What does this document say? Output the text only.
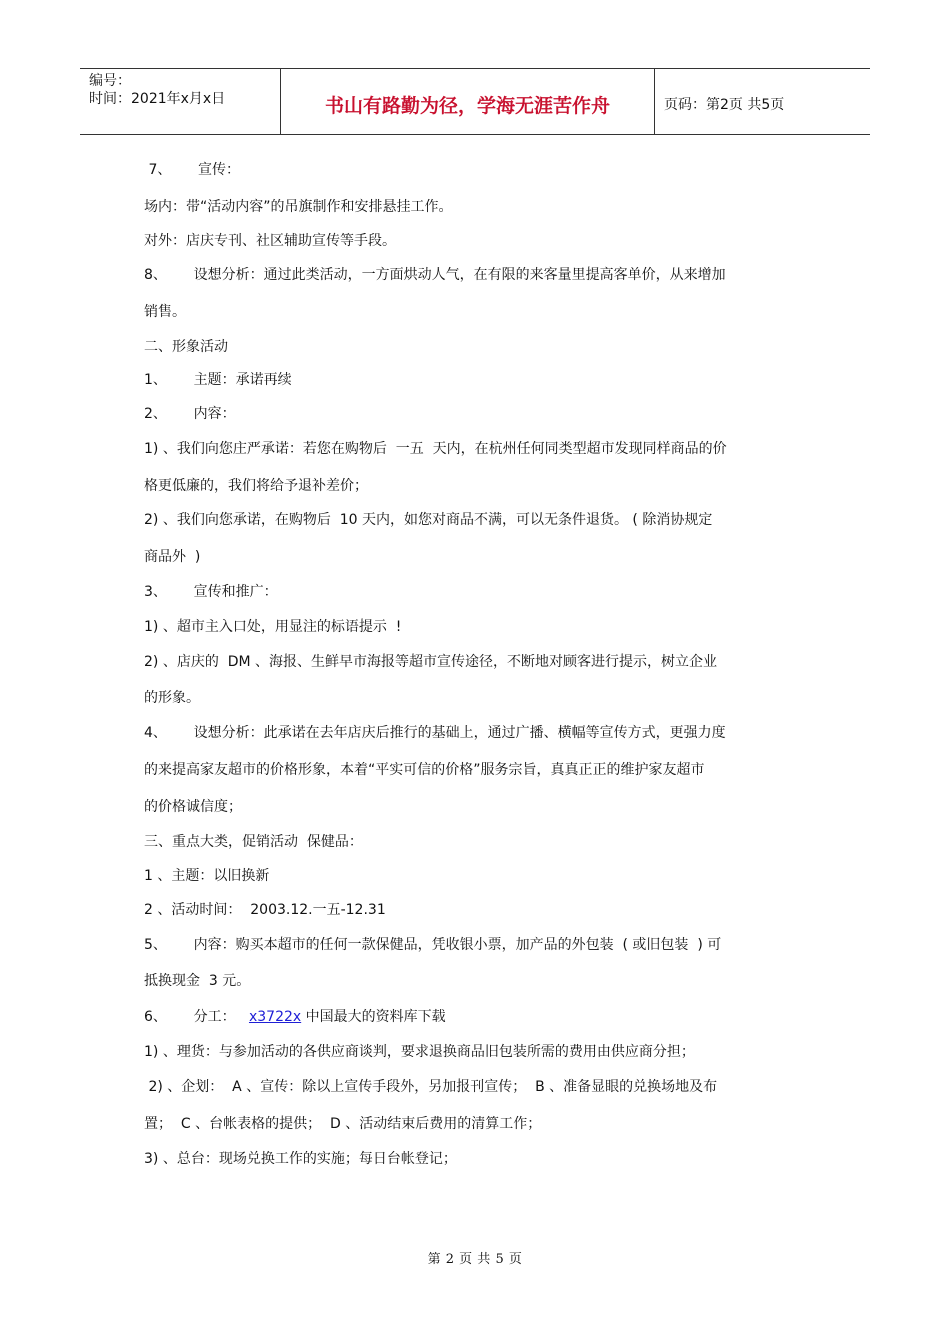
编号：
时间：2021年x月x日	书山有路勤为径，学海无涯苦作舟	页码：第2页 共5页
7、      宣传：
场内：带“活动内容”的吊旗制作和安排悬挂工作。
对外：店庆专刊、社区辅助宣传等手段。
8、      设想分析：通过此类活动，一方面烘动人气，在有限的来客量里提高客单价，从来增加
销售。
二、形象活动
1、      主题：承诺再续
2、      内容：
1) 、我们向您庄严承诺：若您在购物后  一五  天内，在杭州任何同类型超市发现同样商品的价
格更低廉的，我们将给予退补差价；
2) 、我们向您承诺，在购物后  10 天内，如您对商品不满，可以无条件退货。 ( 除消协规定
商品外  )
3、      宣传和推广：
1) 、超市主入口处，用显注的标语提示  !
2) 、店庆的  DM 、海报、生鲜早市海报等超市宣传途径，不断地对顾客进行提示，树立企业
的形象。
4、      设想分析：此承诺在去年店庆后推行的基础上，通过广播、横幅等宣传方式，更强力度
的来提高家友超市的价格形象，本着“平实可信的价格”服务宗旨，真真正正的维护家友超市
的价格诚信度；
三、重点大类，促销活动  保健品：
1 、主题：以旧换新
2 、活动时间：  2003.12.一五-12.31
5、      内容：购买本超市的任何一款保健品，凭收银小票，加产品的外包装  ( 或旧包装  ) 可
抵换现金  3 元。
6、      分工：   x3722x 中国最大的资料库下载
1) 、理货：与参加活动的各供应商谈判，要求退换商品旧包装所需的费用由供应商分担；
2) 、企划：  A 、宣传：除以上宣传手段外，另加报刊宣传；  B 、准备显眼的兑换场地及布
置；  C 、台帐表格的提供；  D 、活动结束后费用的清算工作；
3) 、总台：现场兑换工作的实施；每日台帐登记；
第 2 页 共 5 页
